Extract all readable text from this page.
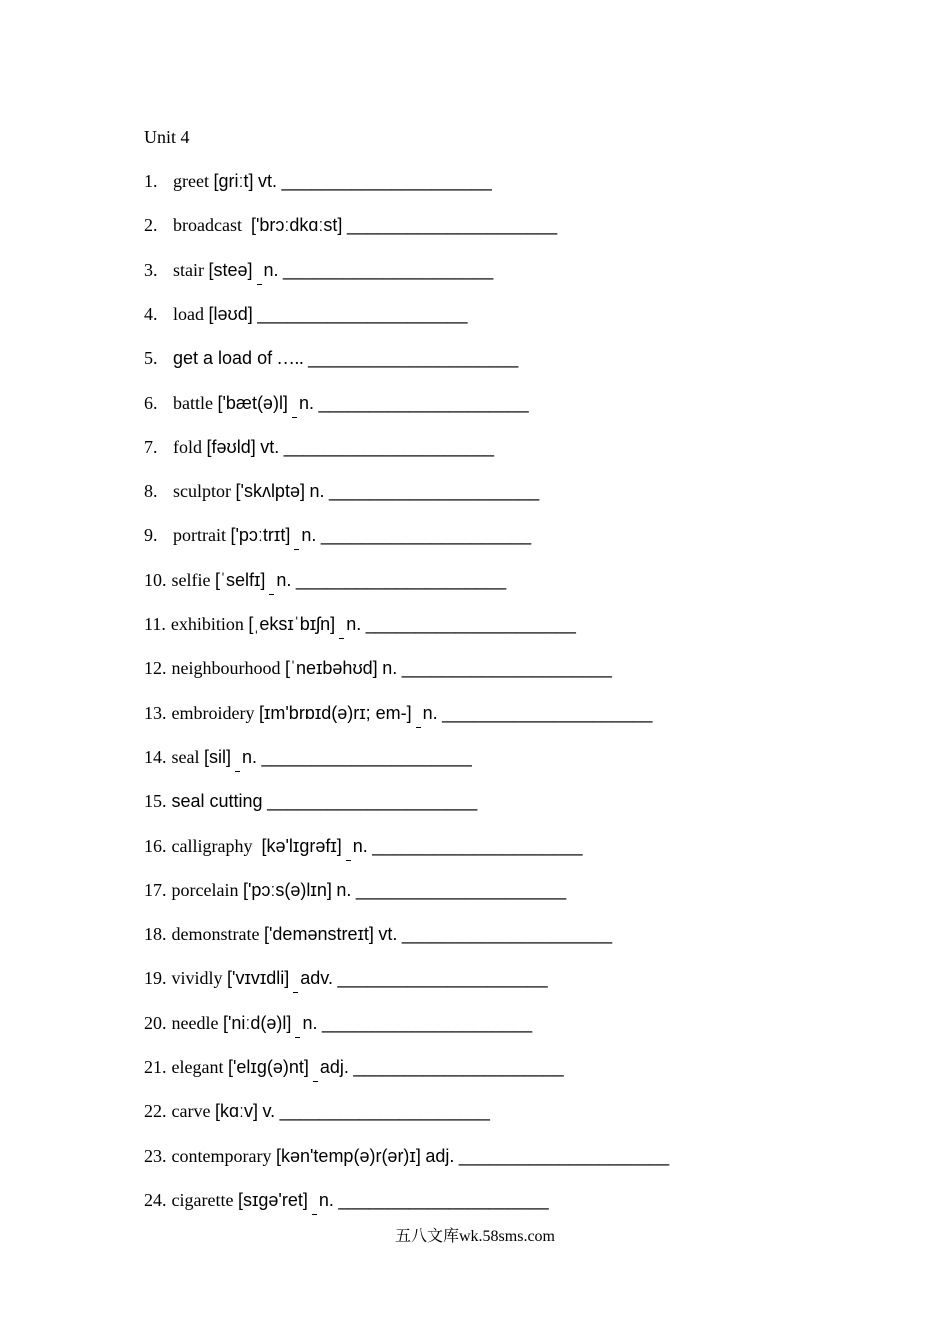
Unit 4
1. greet [griːt] vt. _____________________
2. broadcast ['brɔːdkɑːst] _____________________
3. stair [steə] n. _____________________
4. load [ləʊd] _____________________
5. get a load of ….. _____________________
6. battle ['bæt(ə)l] n. _____________________
7. fold [fəʊld] vt. _____________________
8. sculptor ['skʌlptə] n. _____________________
9. portrait ['pɔːtrɪt] n. _____________________
10. selfie [ˈselfɪ] n. _____________________
11. exhibition [ˌeksɪˈbɪʃn] n. _____________________
12. neighbourhood [ˈneɪbəhʊd] n. _____________________
13. embroidery [ɪm'brɒɪd(ə)rɪ; em-] n. _____________________
14. seal [sil] n. _____________________
15. seal cutting _____________________
16. calligraphy [kə'lɪgrəfɪ] n. _____________________
17. porcelain ['pɔːs(ə)lɪn] n. _____________________
18. demonstrate ['demənstreɪt] vt. _____________________
19. vividly ['vɪvɪdli] adv. _____________________
20. needle ['niːd(ə)l] n. _____________________
21. elegant ['elɪg(ə)nt] adj. _____________________
22. carve [kɑːv] v. _____________________
23. contemporary [kən'temp(ə)r(ər)ɪ] adj. _____________________
24. cigarette [sɪgə'ret] n. _____________________
五八文库wk.58sms.com
